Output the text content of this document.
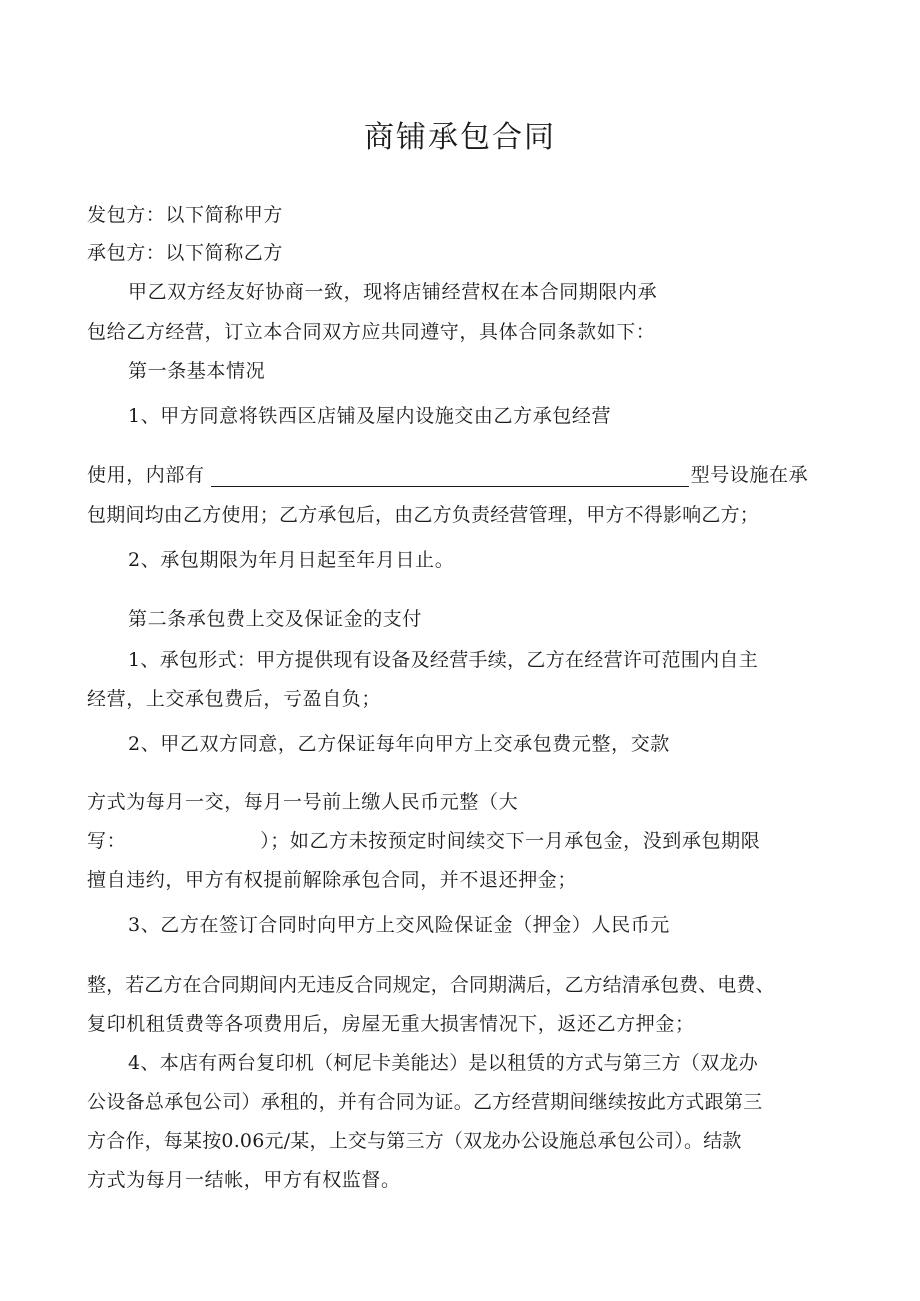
商铺承包合同
发包方：以下简称甲方
承包方：以下简称乙方
甲乙双方经友好协商一致，现将店铺经营权在本合同期限内承
包给乙方经营，订立本合同双方应共同遵守，具体合同条款如下：
第一条基本情况
1、甲方同意将铁西区店铺及屋内设施交由乙方承包经营
使用，内部有	型号设施在承
包期间均由乙方使用；乙方承包后，由乙方负责经营管理，甲方不得影响乙方；
2、承包期限为年月日起至年月日止。
第二条承包费上交及保证金的支付
1、承包形式：甲方提供现有设备及经营手续，乙方在经营许可范围内自主
经营，上交承包费后，亏盈自负；
2、甲乙双方同意，乙方保证每年向甲方上交承包费元整，交款
方式为每月一交，每月一号前上缴人民币元整（大
写：	）；如乙方未按预定时间续交下一月承包金，没到承包期限
擅自违约，甲方有权提前解除承包合同，并不退还押金；
3、乙方在签订合同时向甲方上交风险保证金（押金）人民币元
整，若乙方在合同期间内无违反合同规定，合同期满后，乙方结清承包费、电费、
复印机租赁费等各项费用后，房屋无重大损害情况下，返还乙方押金；
4、本店有两台复印机（柯尼卡美能达）是以租赁的方式与第三方（双龙办
公设备总承包公司）承租的，并有合同为证。乙方经营期间继续按此方式跟第三
方合作，每某按0.06元/某，上交与第三方（双龙办公设施总承包公司）。结款
方式为每月一结帐，甲方有权监督。
